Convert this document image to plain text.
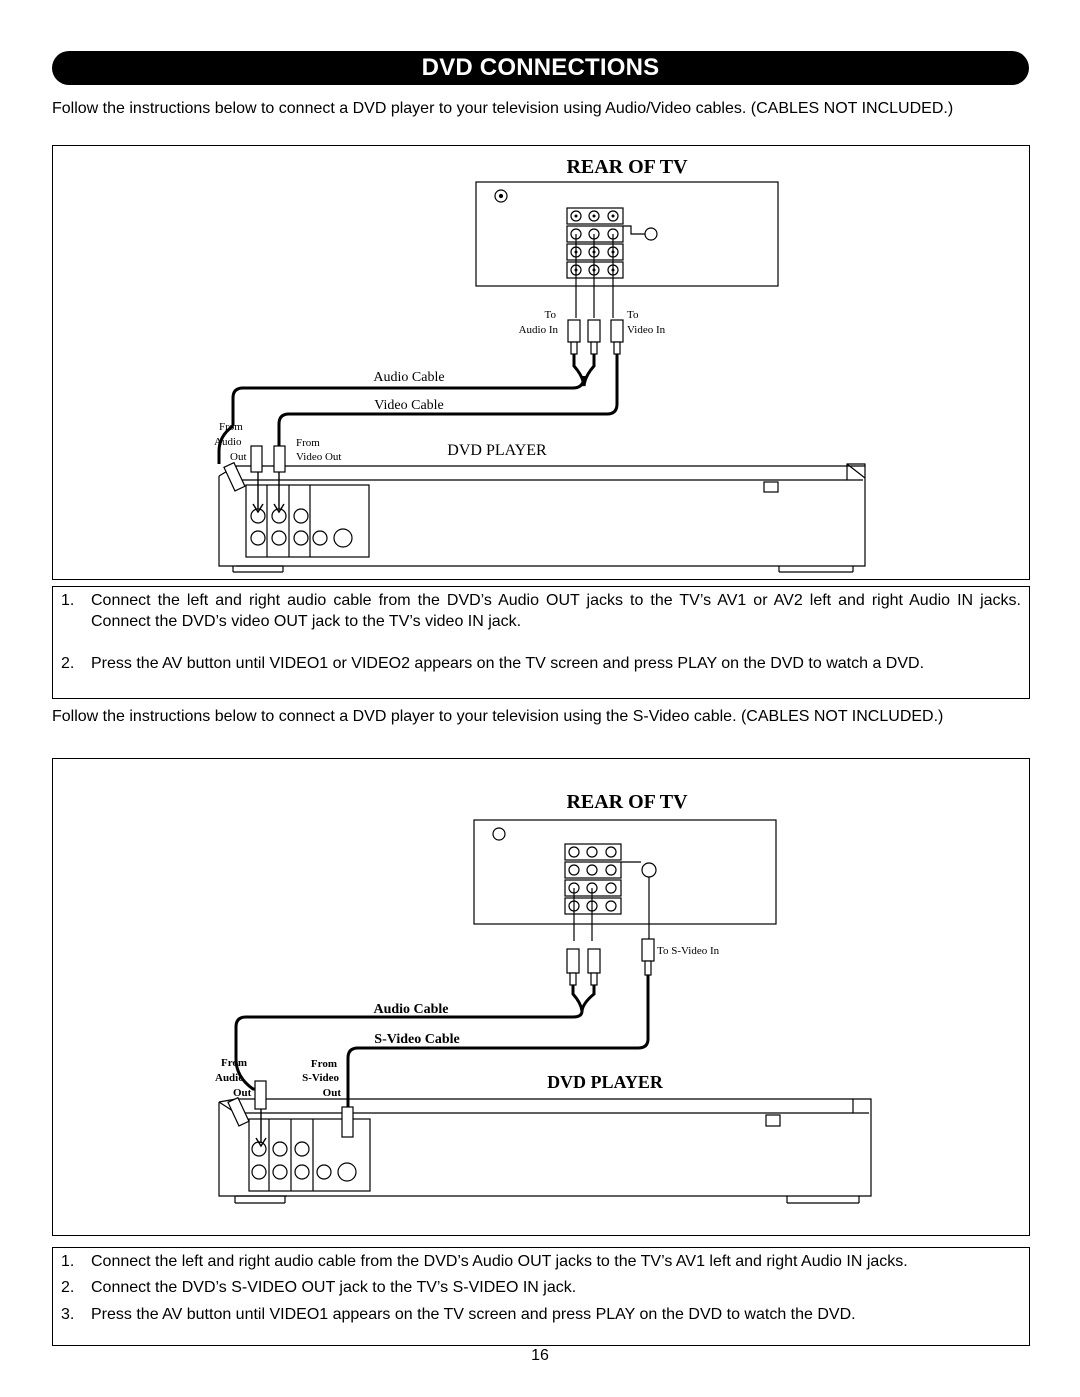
DVD CONNECTIONS
Follow the instructions below to connect a DVD player to your television using Audio/Video cables. (CABLES NOT INCLUDED.)
REAR OF TV
To
Audio In
To
Video In
Audio Cable
Video Cable
From
Audio
Out
From
Video Out	DVD PLAYER
1. Connect the left and right audio cable from the DVD’s Audio OUT jacks to the TV’s AV1 or AV2 left and right Audio IN jacks. Connect the DVD’s video OUT jack to the TV’s video IN jack.
2. Press the AV button until VIDEO1 or VIDEO2 appears on the TV screen and press PLAY on the DVD to watch a DVD.
Follow the instructions below to connect a DVD player to your television using the S-Video cable. (CABLES NOT INCLUDED.)
REAR OF TV
To S-Video In
Audio Cable
S-Video Cable
From
Audio
Out
From
S-Video
Out
DVD PLAYER
1. Connect the left and right audio cable from the DVD’s Audio OUT jacks to the TV’s AV1 left and right Audio IN jacks.
2. Connect the DVD’s S-VIDEO OUT jack to the TV’s S-VIDEO IN jack.
3. Press the AV button until VIDEO1 appears on the TV screen and press PLAY on the DVD to watch the DVD.
16
